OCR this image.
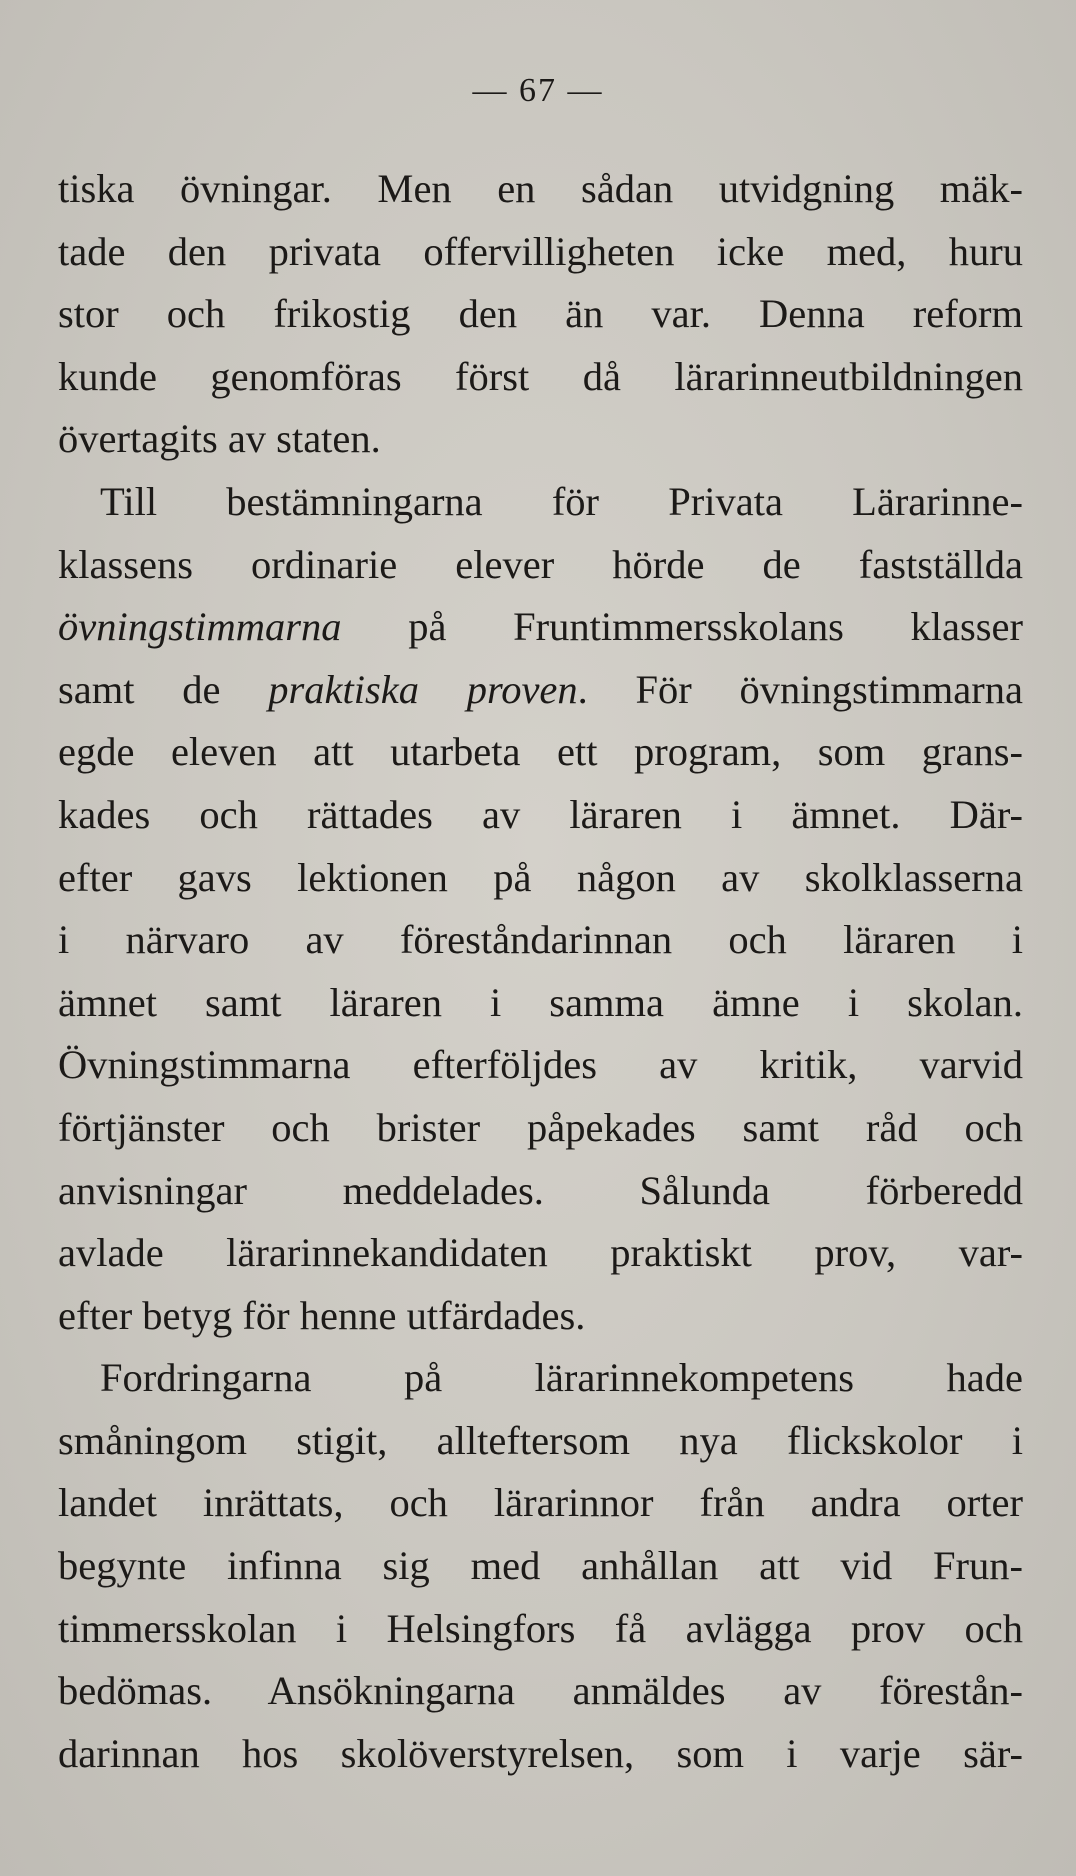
— 67 —
tiska övningar. Men en sådan utvidgning mäk-
tade den privata offervilligheten icke med, huru
stor och frikostig den än var. Denna reform
kunde genomföras först då lärarinneutbildningen
övertagits av staten.
Till bestämningarna för Privata Lärarinne-
klassens ordinarie elever hörde de fastställda
övningstimmarna på Fruntimmersskolans klasser
samt de praktiska proven. För övningstimmarna
egde eleven att utarbeta ett program, som grans-
kades och rättades av läraren i ämnet. Där-
efter gavs lektionen på någon av skolklasserna
i närvaro av föreståndarinnan och läraren i
ämnet samt läraren i samma ämne i skolan.
Övningstimmarna efterföljdes av kritik, varvid
förtjänster och brister påpekades samt råd och
anvisningar meddelades. Sålunda förberedd
avlade lärarinnekandidaten praktiskt prov, var-
efter betyg för henne utfärdades.
Fordringarna på lärarinnekompetens hade
småningom stigit, allteftersom nya flickskolor i
landet inrättats, och lärarinnor från andra orter
begynte infinna sig med anhållan att vid Frun-
timmersskolan i Helsingfors få avlägga prov och
bedömas. Ansökningarna anmäldes av förestån-
darinnan hos skolöverstyrelsen, som i varje sär-
